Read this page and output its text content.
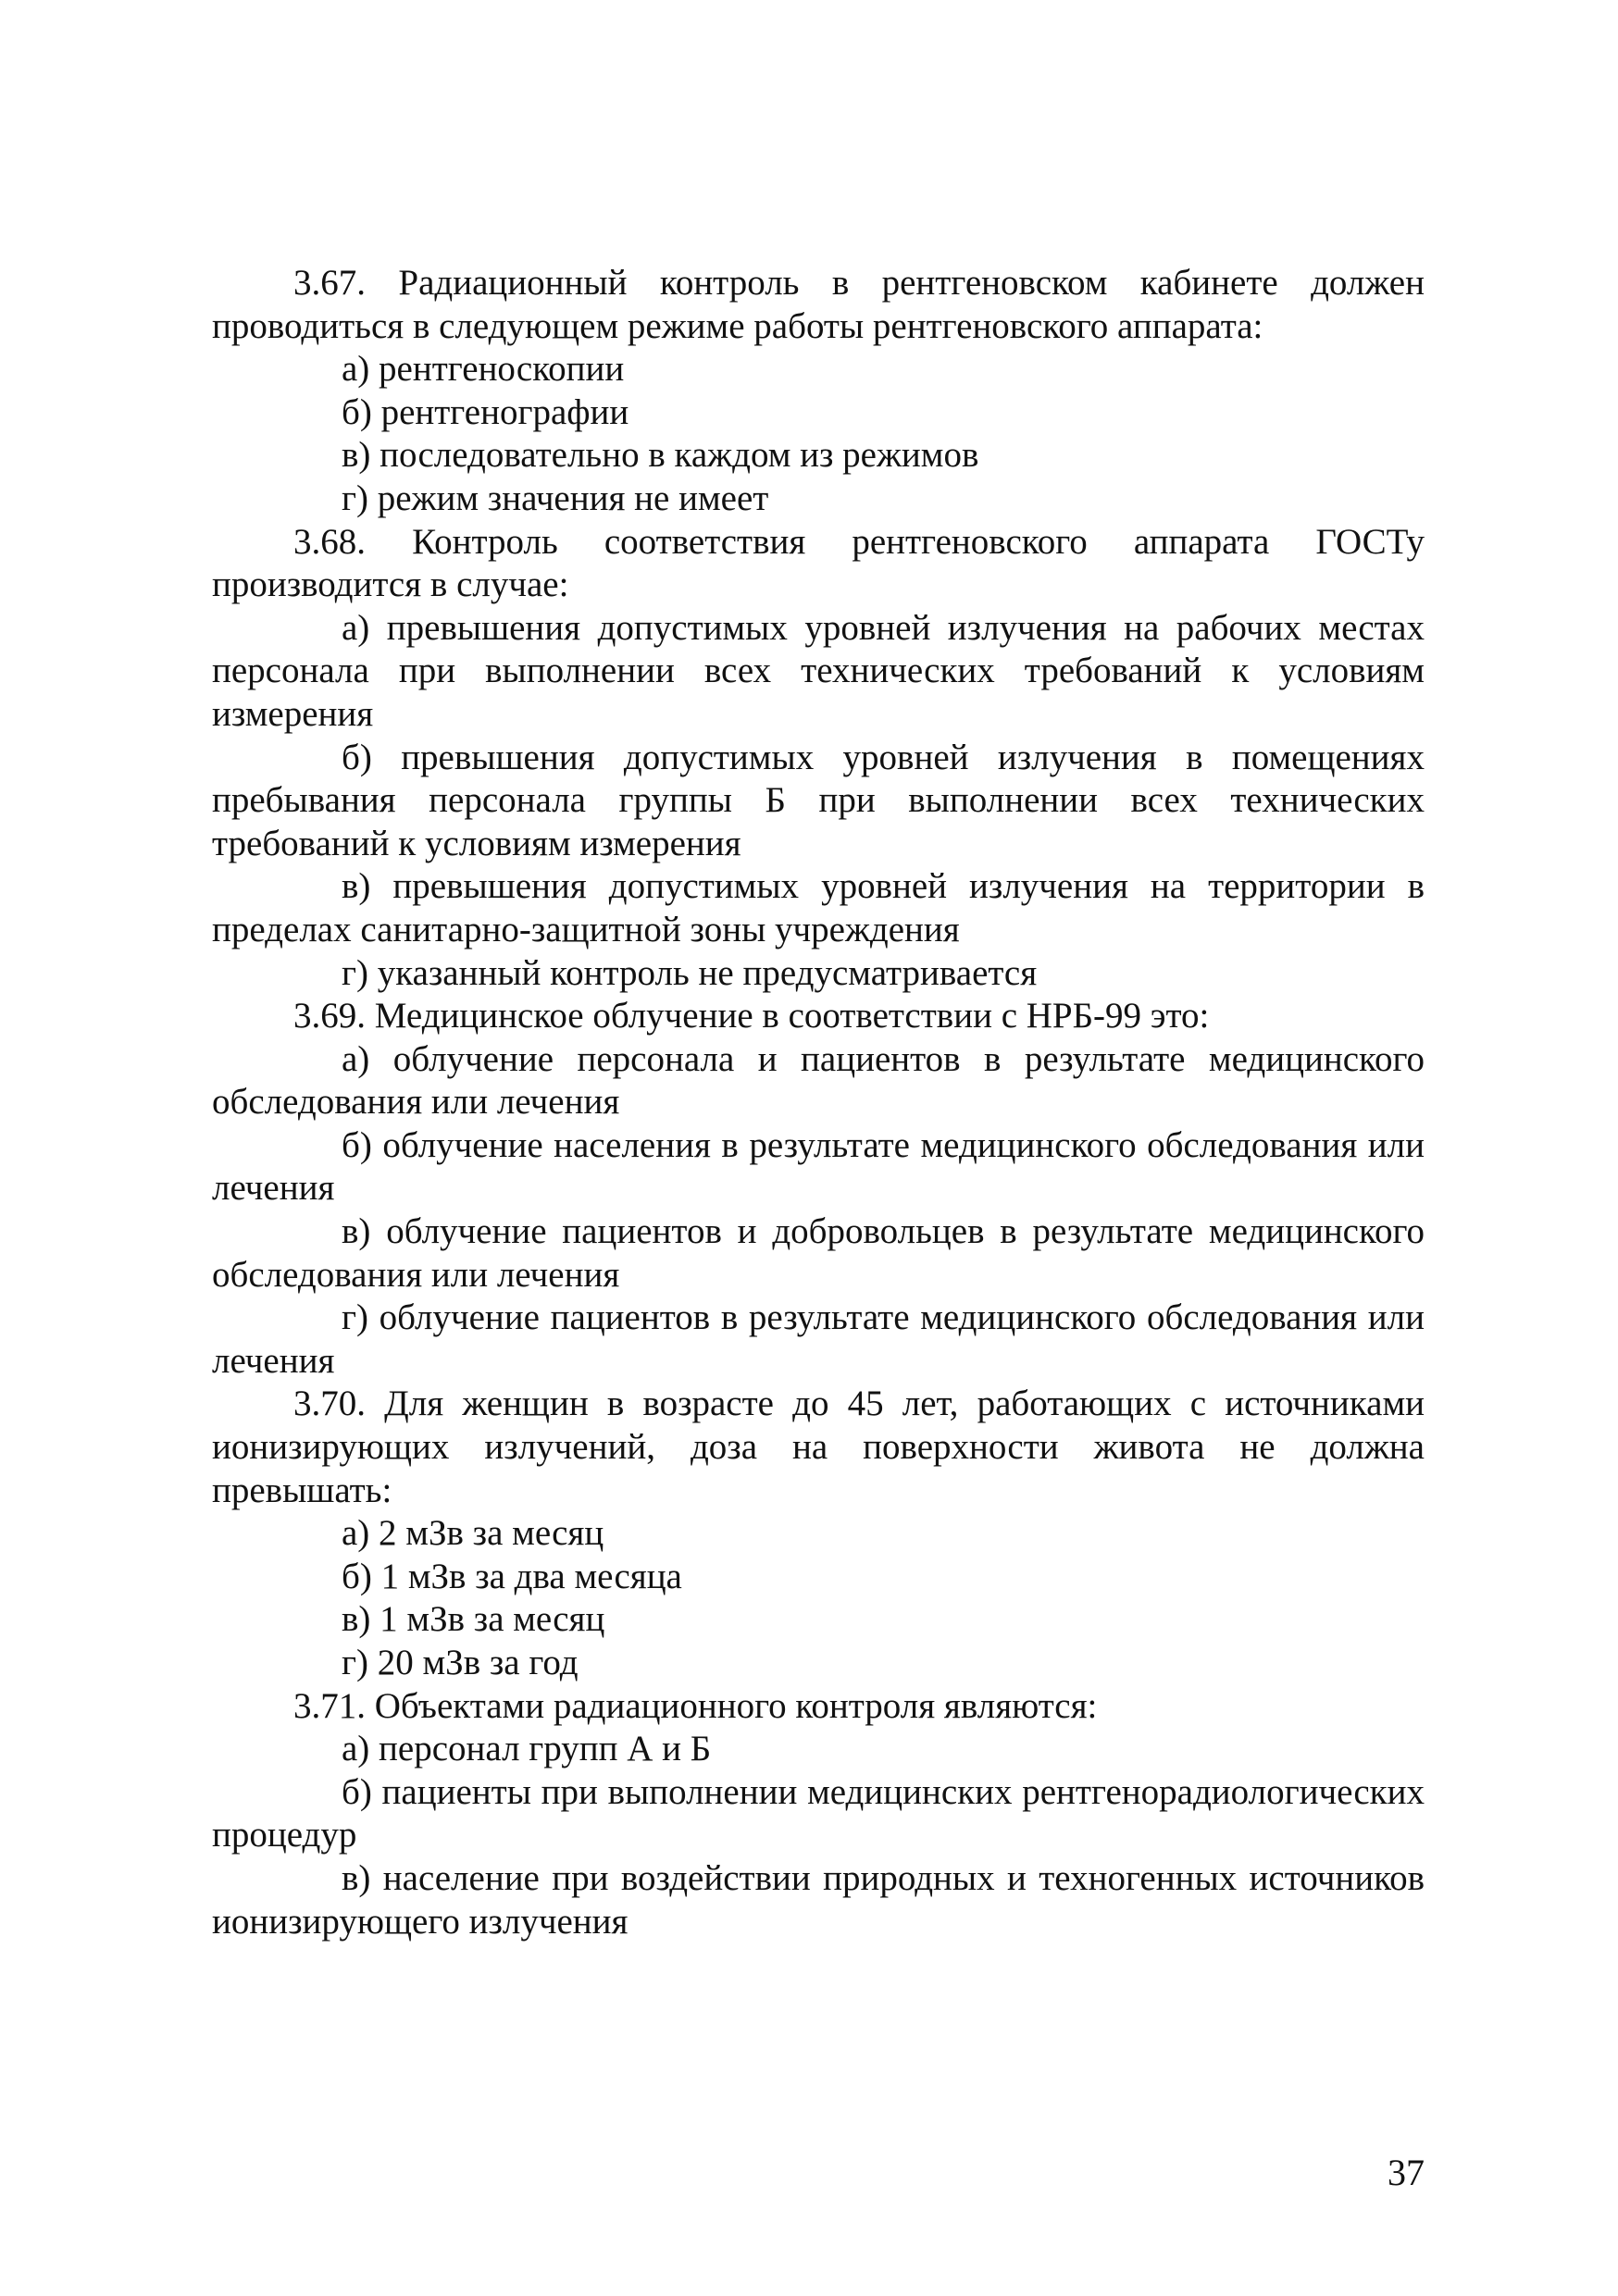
3.67. Радиационный контроль в рентгеновском кабинете должен проводиться в следующем режиме работы рентгеновского аппарата:

а) рентгеноскопии

б) рентгенографии

в) последовательно в каждом из режимов

г) режим значения не имеет

3.68. Контроль соответствия рентгеновского аппарата ГОСТу производится в случае:

а) превышения допустимых уровней излучения на рабочих местах персонала при выполнении всех технических требований к условиям измерения

б) превышения допустимых уровней излучения в помещениях пребывания персонала группы Б при выполнении всех технических требований к условиям измерения

в) превышения допустимых уровней излучения на территории в пределах санитарно-защитной зоны учреждения

г) указанный контроль не предусматривается

3.69. Медицинское облучение в соответствии с НРБ-99 это:

а) облучение персонала и пациентов в результате медицинского обследования или лечения

б) облучение населения в результате медицинского обследования или лечения

в) облучение пациентов и добровольцев в результате медицинского обследования или лечения

г) облучение пациентов в результате медицинского обследования или лечения

3.70. Для женщин в возрасте до 45 лет, работающих с источниками ионизирующих излучений, доза на поверхности живота не должна превышать:

а) 2 мЗв за месяц

б) 1 мЗв за два месяца

в) 1 мЗв за месяц

г) 20 мЗв за год

3.71. Объектами радиационного контроля являются:

а) персонал групп А и Б

б) пациенты при выполнении медицинских рентгенорадиологических процедур

в) население при воздействии природных и техногенных источников ионизирующего излучения

37
